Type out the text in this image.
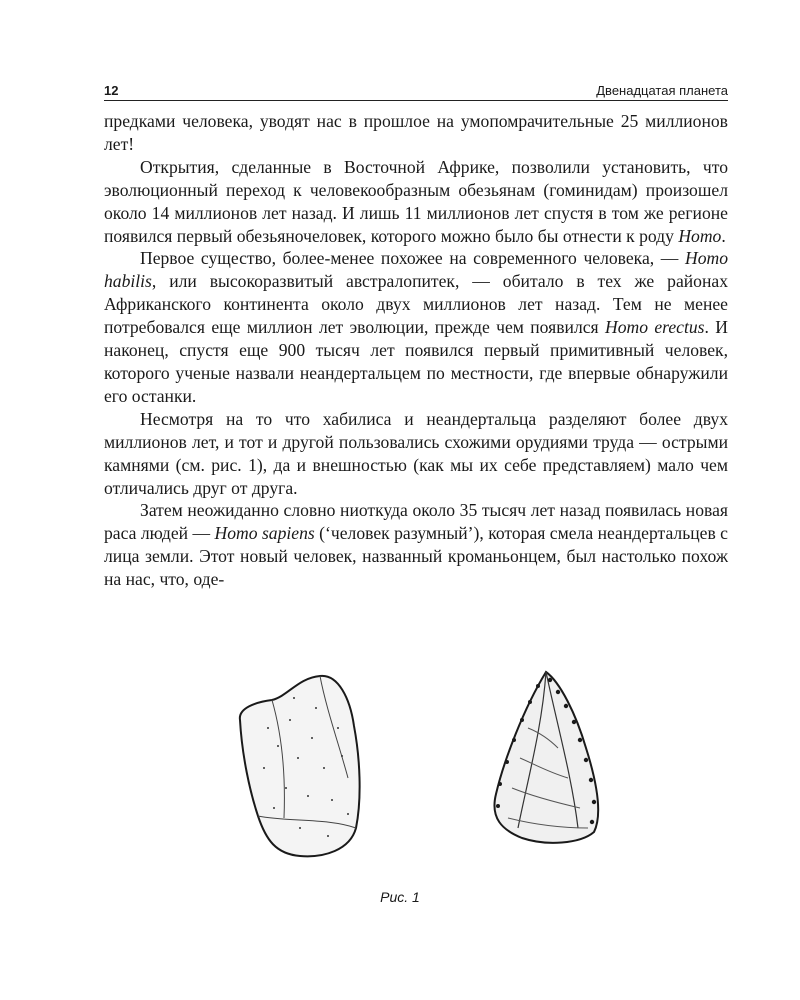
12	Двенадцатая планета

предками человека, уводят нас в прошлое на умопомрачительные 25 миллионов лет!

Открытия, сделанные в Восточной Африке, позволили установить, что эволюционный переход к человекообразным обезьянам (гоминидам) произошел около 14 миллионов лет назад. И лишь 11 миллионов лет спустя в том же регионе появился первый обезьяночеловек, которого можно было бы отнести к роду Homo.

Первое существо, более-менее похожее на современного человека, — Homo habilis, или высокоразвитый австралопитек, — обитало в тех же районах Африканского континента около двух миллионов лет назад. Тем не менее потребовался еще миллион лет эволюции, прежде чем появился Homo erectus. И наконец, спустя еще 900 тысяч лет появился первый примитивный человек, которого ученые назвали неандертальцем по местности, где впервые обнаружили его останки.

Несмотря на то что хабилиса и неандертальца разделяют более двух миллионов лет, и тот и другой пользовались схожими орудиями труда — острыми камнями (см. рис. 1), да и внешностью (как мы их себе представляем) мало чем отличались друг от друга.

Затем неожиданно словно ниоткуда около 35 тысяч лет назад появилась новая раса людей — Homo sapiens (‘человек разумный’), которая смела неандертальцев с лица земли. Этот новый человек, названный кроманьонцем, был настолько похож на нас, что, оде-

Рис. 1
